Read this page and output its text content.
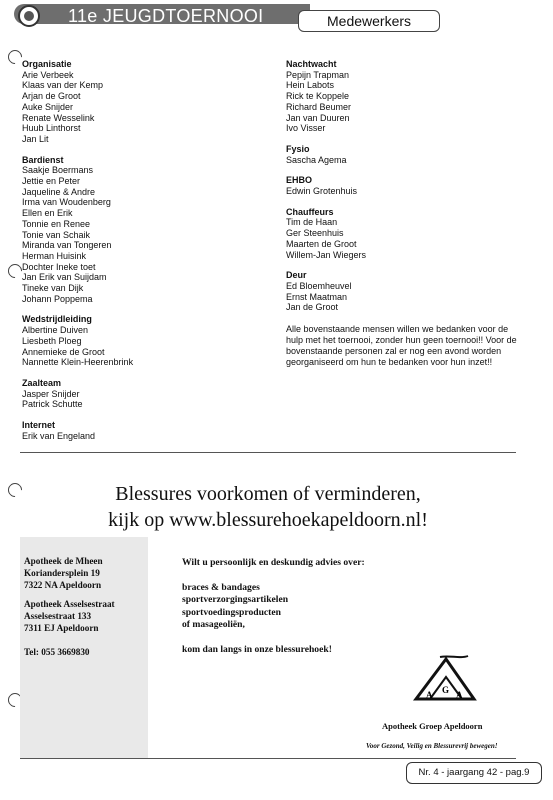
11e JEUGDTOERNOOI	Medewerkers
Organisatie
Arie Verbeek
Klaas van der Kemp
Arjan de Groot
Auke Snijder
Renate Wesselink
Huub Linthorst
Jan Lit
Bardienst
Saakje Boermans
Jettie en Peter
Jaqueline & Andre
Irma van Woudenberg
Ellen en Erik
Tonnie en Renee
Tonie van Schaik
Miranda van Tongeren
Herman Huisink
Dochter Ineke toet
Jan Erik van Suijdam
Tineke van Dijk
Johann Poppema
Wedstrijdleiding
Albertine Duiven
Liesbeth Ploeg
Annemieke de Groot
Nannette Klein-Heerenbrink
Zaalteam
Jasper Snijder
Patrick Schutte
Internet
Erik van Engeland
Nachtwacht
Pepijn Trapman
Hein Labots
Rick te Koppele
Richard Beumer
Jan van Duuren
Ivo Visser
Fysio
Sascha Agema
EHBO
Edwin Grotenhuis
Chauffeurs
Tim de Haan
Ger Steenhuis
Maarten de Groot
Willem-Jan Wiegers
Deur
Ed Bloemheuvel
Ernst Maatman
Jan de Groot
Alle bovenstaande mensen willen we bedanken voor de hulp met het toernooi, zonder hun geen toernooi!! Voor de bovenstaande personen zal er nog een avond worden georganiseerd om hun te bedanken voor hun inzet!!
Blessures voorkomen of verminderen,
kijk op www.blessurehoekapeldoorn.nl!

Apotheek de Mheen
Koriandersplein 19
7322 NA Apeldoorn

Apotheek Asselsestraat
Asselsestraat 133
7311 EJ Apeldoorn

Tel: 055 3669830

Wilt u persoonlijk en deskundig advies over:

braces & bandages
sportverzorgingsartikelen
sportvoedingsproducten
of masageoliën,

kom dan langs in onze blessurehoek!

A G A
Apotheek Groep Apeldoorn
Voor Gezond, Veilig en Blessurevrij bewegen!
Nr. 4 - jaargang 42 - pag.9
